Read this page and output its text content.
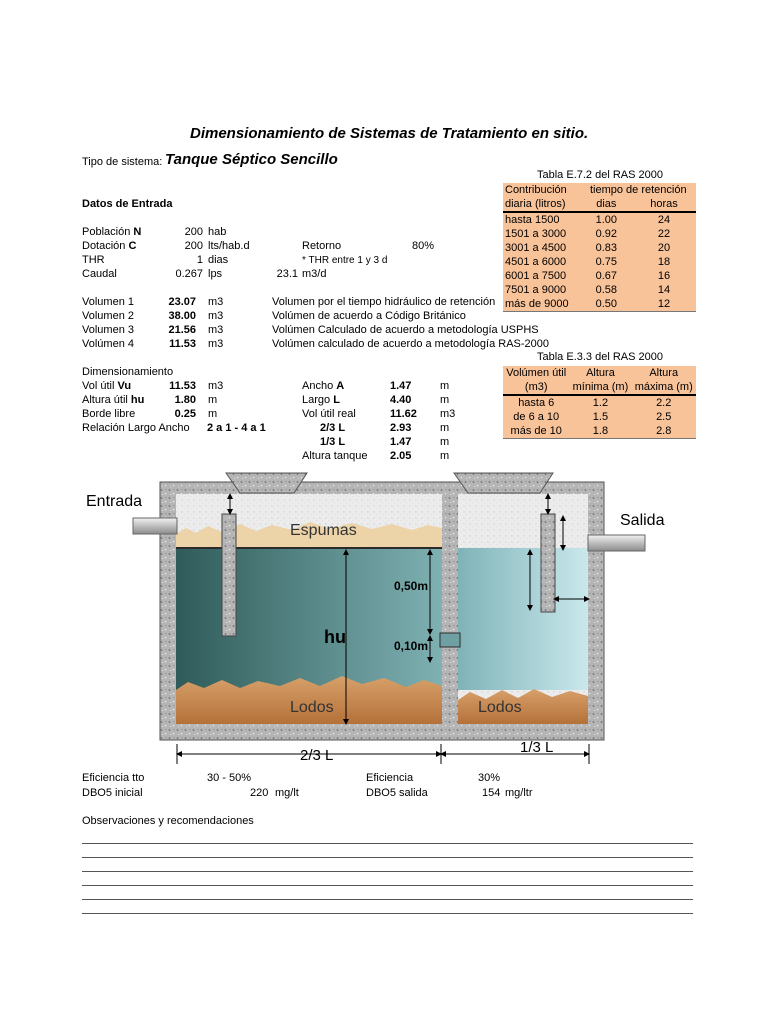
Dimensionamiento de Sistemas de Tratamiento en sitio.
Tipo de sistema: Tanque Séptico Sencillo
Datos de Entrada
Población N	200 hab
Dotación C	200 lts/hab.d	Retorno	80%
THR	1 dias	* THR entre 1 y 3 d
Caudal	0.267 lps	23.1 m3/d
Volumen 1	23.07 m3	Volumen por el tiempo hidráulico de retención
Volumen 2	38.00 m3	Volúmen de acuerdo a Código Británico
Volumen 3	21.56 m3	Volúmen Calculado de acuerdo a metodología USPHS
Volúmen 4	11.53 m3	Volúmen calculado de acuerdo a metodología RAS-2000
Dimensionamiento
Vol útil Vu	11.53 m3
Altura útil hu	1.80 m
Borde libre	0.25 m
Relación Largo Ancho 2 a 1 - 4 a 1
Ancho A	1.47	m
Largo L	4.40	m
Vol útil real	11.62 m3
2/3 L	2.93	m
1/3 L	1.47	m
Altura tanque 2.05	m
Tabla E.7.2 del RAS 2000
Contribución	tiempo de retención	
diaria (litros)	dias	horas
hasta 1500	1.00	24
1501 a 3000	0.92	22
3001 a 4500	0.83	20
4501 a 6000	0.75	18
6001 a 7500	0.67	16
7501 a 9000	0.58	14
más de 9000	0.50	12
Tabla E.3.3 del RAS 2000
Volúmen útil	Altura	Altura
(m3)	mínima (m)	máxima (m)
hasta 6	1.2	2.2
de 6 a 10	1.5	2.5
más de 10	1.8	2.8
Entrada
Salida
Espumas
hu
0,50m
0,10m
Lodos	Lodos
2/3 L	1/3 L
Eficiencia tto	30 - 50%
DBO5 inicial	220 mg/lt
Eficiencia	30%
DBO5 salida	154 mg/ltr
Observaciones y recomendaciones
